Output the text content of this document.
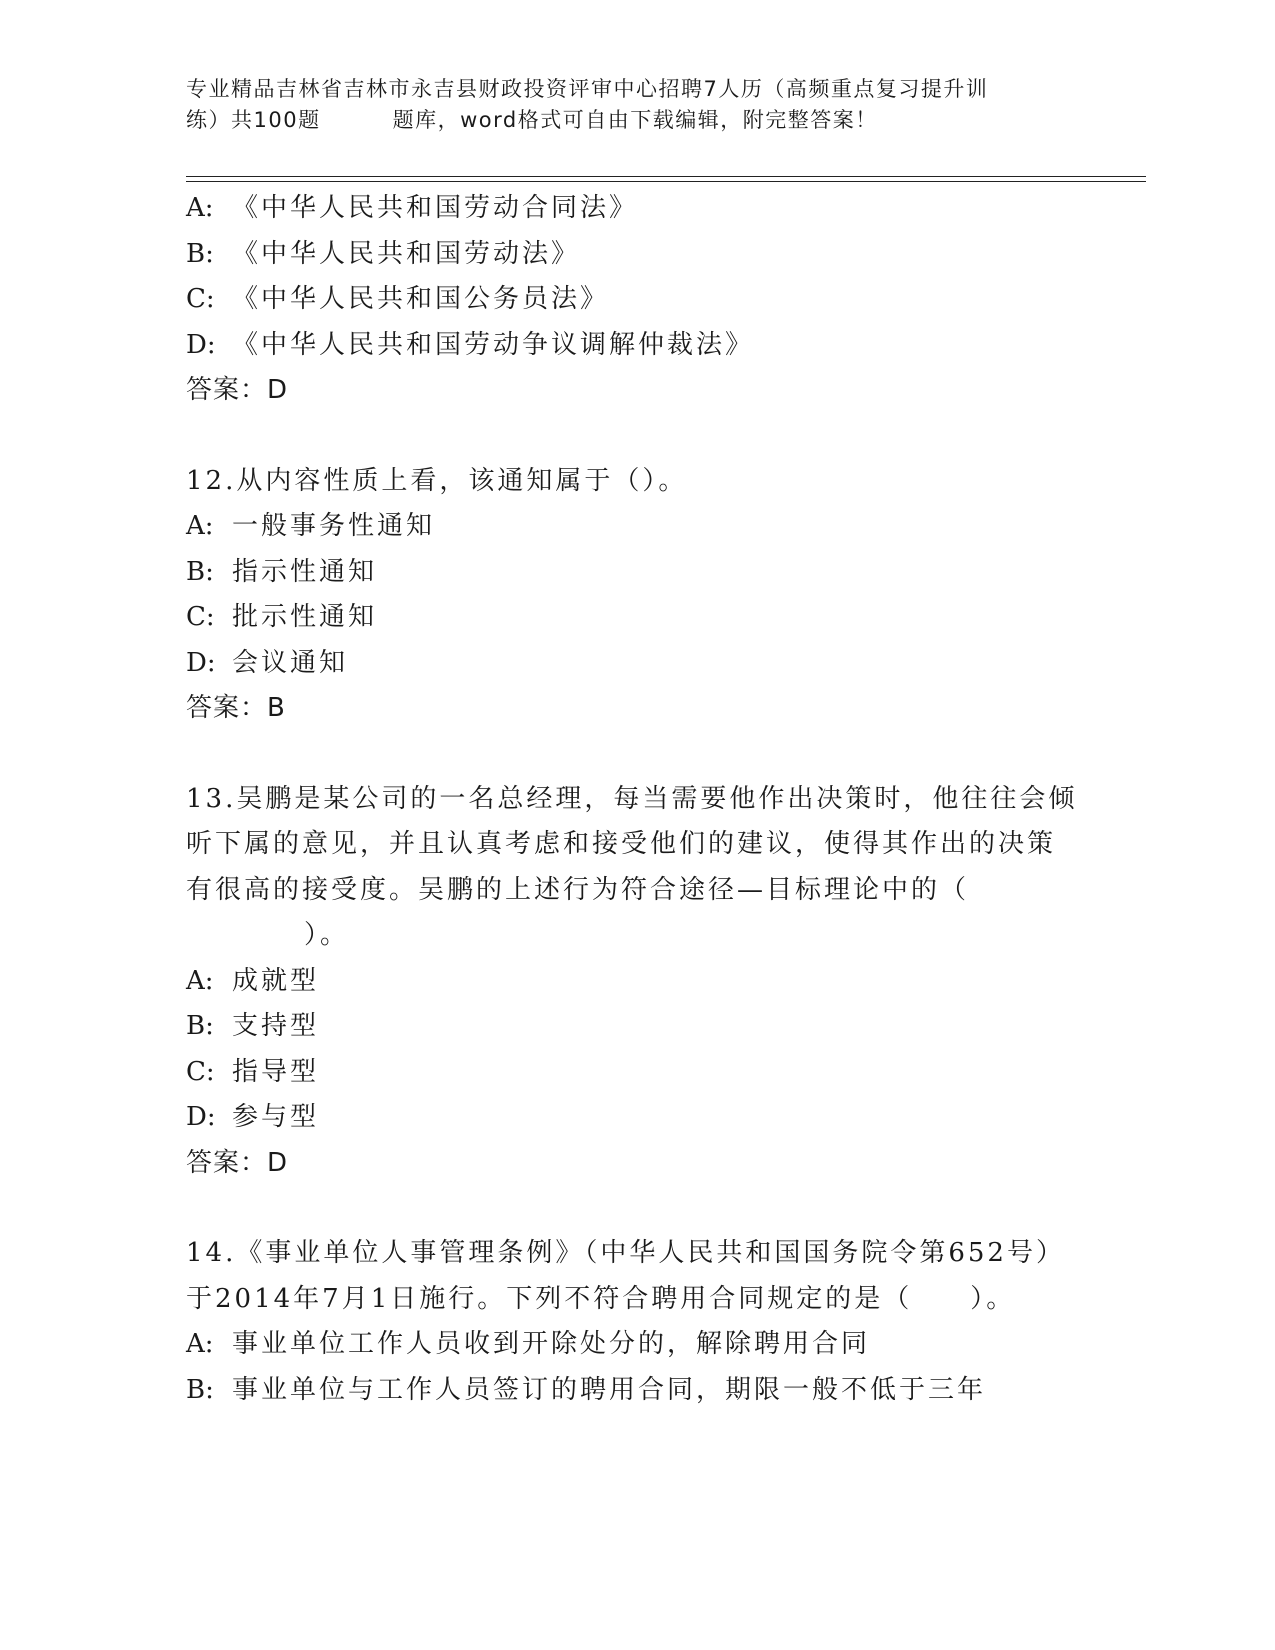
专业精品吉林省吉林市永吉县财政投资评审中心招聘7人历（高频重点复习提升训
练）共100题	题库，word格式可自由下载编辑，附完整答案！
A: 《中华人民共和国劳动合同法》
B: 《中华人民共和国劳动法》
C: 《中华人民共和国公务员法》
D: 《中华人民共和国劳动争议调解仲裁法》
答案：D
12.从内容性质上看，该通知属于（）。
A: 一般事务性通知
B: 指示性通知
C: 批示性通知
D: 会议通知
答案：B
13.吴鹏是某公司的一名总经理，每当需要他作出决策时，他往往会倾
听下属的意见，并且认真考虑和接受他们的建议，使得其作出的决策
有很高的接受度。吴鹏的上述行为符合途径—目标理论中的（
）。
A: 成就型
B: 支持型
C: 指导型
D: 参与型
答案：D
14.《事业单位人事管理条例》（中华人民共和国国务院令第652号）
于2014年7月1日施行。下列不符合聘用合同规定的是（　　）。
A: 事业单位工作人员收到开除处分的，解除聘用合同
B: 事业单位与工作人员签订的聘用合同，期限一般不低于三年
